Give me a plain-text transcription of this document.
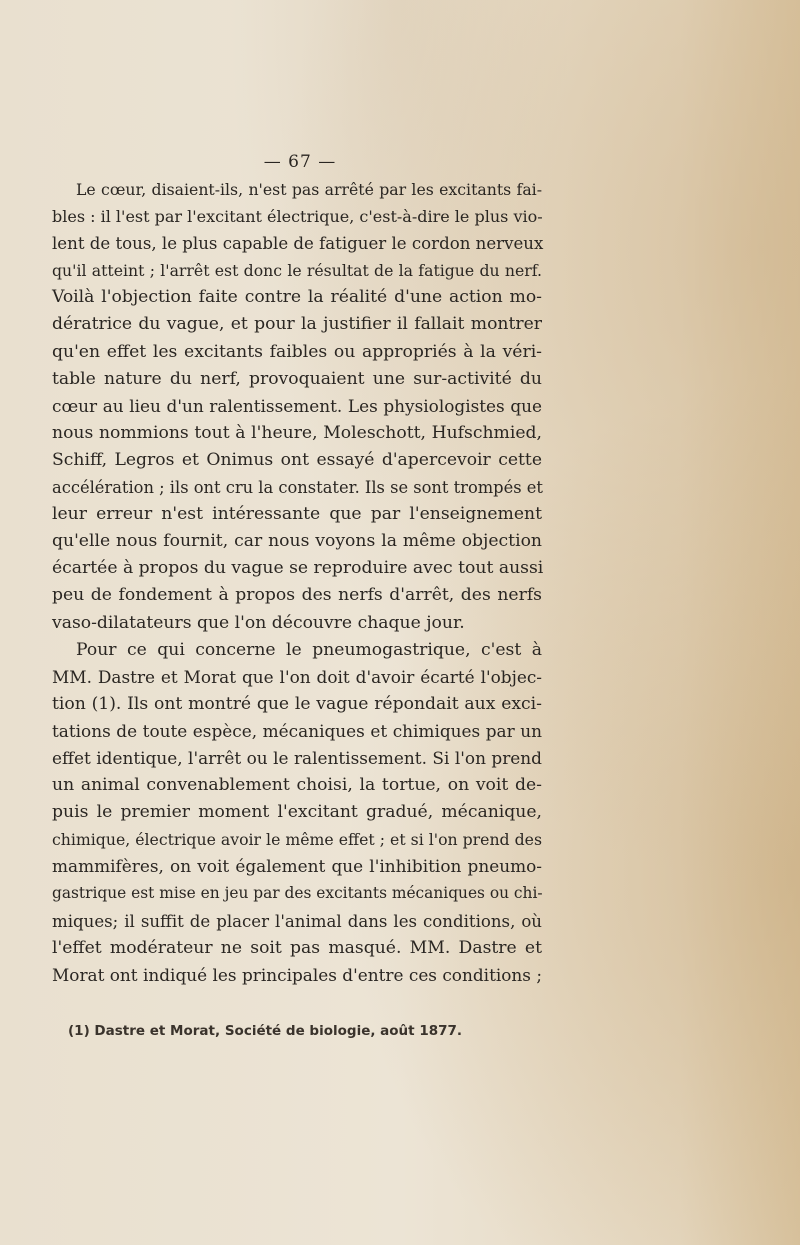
— 67 —
Le cœur, disaient-ils, n'est pas arrêté par les excitants fai-
bles : il l'est par l'excitant électrique, c'est-à-dire le plus vio-
lent de tous, le plus capable de fatiguer le cordon nerveux
qu'il atteint ; l'arrêt est donc le résultat de la fatigue du nerf.
Voilà l'objection faite contre la réalité d'une action mo-
dératrice du vague, et pour la justifier il fallait montrer
qu'en effet les excitants faibles ou appropriés à la véri-
table nature du nerf, provoquaient une sur-activité du
cœur au lieu d'un ralentissement. Les physiologistes que
nous nommions tout à l'heure, Moleschott, Hufschmied,
Schiff, Legros et Onimus ont essayé d'apercevoir cette
accélération ; ils ont cru la constater. Ils se sont trompés et
leur erreur n'est intéressante que par l'enseignement
qu'elle nous fournit, car nous voyons la même objection
écartée à propos du vague se reproduire avec tout aussi
peu de fondement à propos des nerfs d'arrêt, des nerfs
vaso-dilatateurs que l'on découvre chaque jour.
Pour ce qui concerne le pneumogastrique, c'est à
MM. Dastre et Morat que l'on doit d'avoir écarté l'objec-
tion (1). Ils ont montré que le vague répondait aux exci-
tations de toute espèce, mécaniques et chimiques par un
effet identique, l'arrêt ou le ralentissement. Si l'on prend
un animal convenablement choisi, la tortue, on voit de-
puis le premier moment l'excitant gradué, mécanique,
chimique, électrique avoir le même effet ; et si l'on prend des
mammifères, on voit également que l'inhibition pneumo-
gastrique est mise en jeu par des excitants mécaniques ou chi-
miques; il suffit de placer l'animal dans les conditions, où
l'effet modérateur ne soit pas masqué. MM. Dastre et
Morat ont indiqué les principales d'entre ces conditions ;
(1) Dastre et Morat, Société de biologie, août 1877.
